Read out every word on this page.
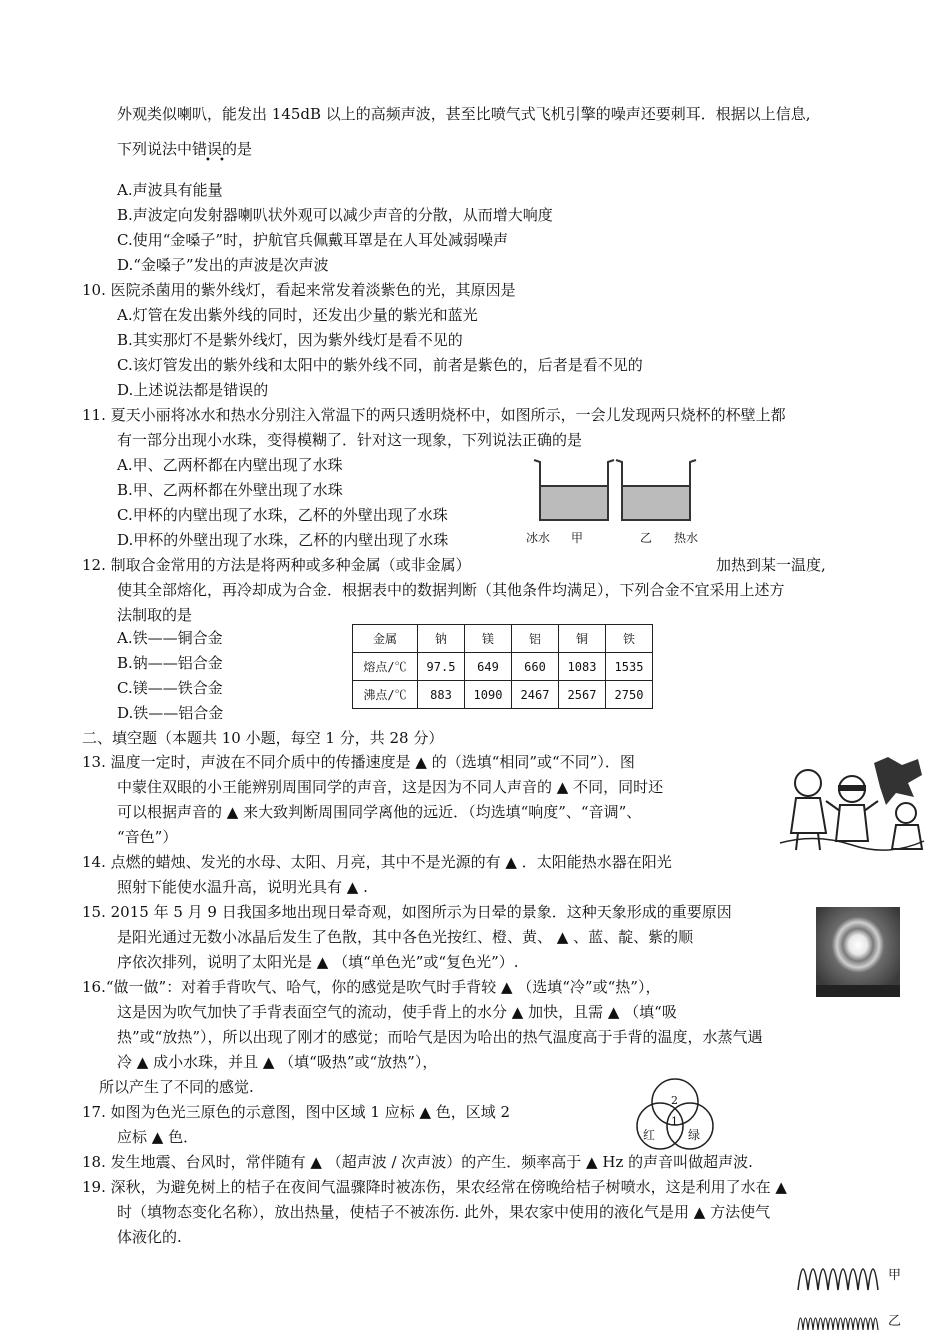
外观类似喇叭，能发出 145dB 以上的高频声波，甚至比喷气式飞机引擎的噪声还要刺耳．根据以上信息,
下列说法中错误的是
• •
A.声波具有能量
B.声波定向发射器喇叭状外观可以减少声音的分散，从而增大响度
C.使用“金嗓子”时，护航官兵佩戴耳罩是在人耳处减弱噪声
D.“金嗓子”发出的声波是次声波
10. 医院杀菌用的紫外线灯，看起来常发着淡紫色的光，其原因是
A.灯管在发出紫外线的同时，还发出少量的紫光和蓝光
B.其实那灯不是紫外线灯，因为紫外线灯是看不见的
C.该灯管发出的紫外线和太阳中的紫外线不同，前者是紫色的，后者是看不见的
D.上述说法都是错误的
11. 夏天小丽将冰水和热水分别注入常温下的两只透明烧杯中，如图所示，一会儿发现两只烧杯的杯壁上都
有一部分出现小水珠，变得模糊了．针对这一现象，下列说法正确的是
A.甲、乙两杯都在内壁出现了水珠
B.甲、乙两杯都在外壁出现了水珠
C.甲杯的内壁出现了水珠，乙杯的外壁出现了水珠
D.甲杯的外壁出现了水珠，乙杯的内壁出现了水珠	冰水 甲	乙 热水
12. 制取合金常用的方法是将两种或多种金属（或非金属）	加热到某一温度,
使其全部熔化，再冷却成为合金．根据表中的数据判断（其他条件均满足），下列合金不宜采用上述方
法制取的是
A.铁——铜合金
B.钠——铝合金
C.镁——铁合金
D.铁——铝合金
金属	钠	镁	铝	铜	铁
熔点/℃	97.5	649	660	1083	1535
沸点/℃	883	1090	2467	2567	2750
二、填空题（本题共 10 小题，每空 1 分，共 28 分）
13. 温度一定时，声波在不同介质中的传播速度是 ▲ 的（选填“相同”或“不同”）．图
中蒙住双眼的小王能辨别周围同学的声音，这是因为不同人声音的 ▲ 不同，同时还
可以根据声音的 ▲ 来大致判断周围同学离他的远近．（均选填“响度”、“音调”、
“音色”）
14. 点燃的蜡烛、发光的水母、太阳、月亮，其中不是光源的有 ▲ ．太阳能热水器在阳光
照射下能使水温升高，说明光具有 ▲ .
15. 2015 年 5 月 9 日我国多地出现日晕奇观，如图所示为日晕的景象．这种天象形成的重要原因
是阳光通过无数小冰晶后发生了色散，其中各色光按红、橙、黄、 ▲ 、蓝、靛、紫的顺
序依次排列，说明了太阳光是 ▲ （填“单色光”或“复色光”）.
16.“做一做”：对着手背吹气、哈气，你的感觉是吹气时手背较 ▲ （选填“冷”或“热”），
这是因为吹气加快了手背表面空气的流动，使手背上的水分 ▲ 加快，且需 ▲ （填“吸
热”或“放热”），所以出现了刚才的感觉；而哈气是因为哈出的热气温度高于手背的温度，水蒸气遇
冷 ▲ 成小水珠，并且 ▲ （填“吸热”或“放热”），
所以产生了不同的感觉.
17. 如图为色光三原色的示意图，图中区域 1 应标 ▲ 色，区域 2
应标 ▲ 色．
2
1
红	绿
18. 发生地震、台风时，常伴随有 ▲ （超声波 / 次声波）的产生．频率高于 ▲ Hz 的声音叫做超声波.
19. 深秋，为避免树上的桔子在夜间气温骤降时被冻伤，果农经常在傍晚给桔子树喷水，这是利用了水在 ▲
时（填物态变化名称），放出热量，使桔子不被冻伤. 此外，果农家中使用的液化气是用 ▲ 方法使气
体液化的.
甲
乙
